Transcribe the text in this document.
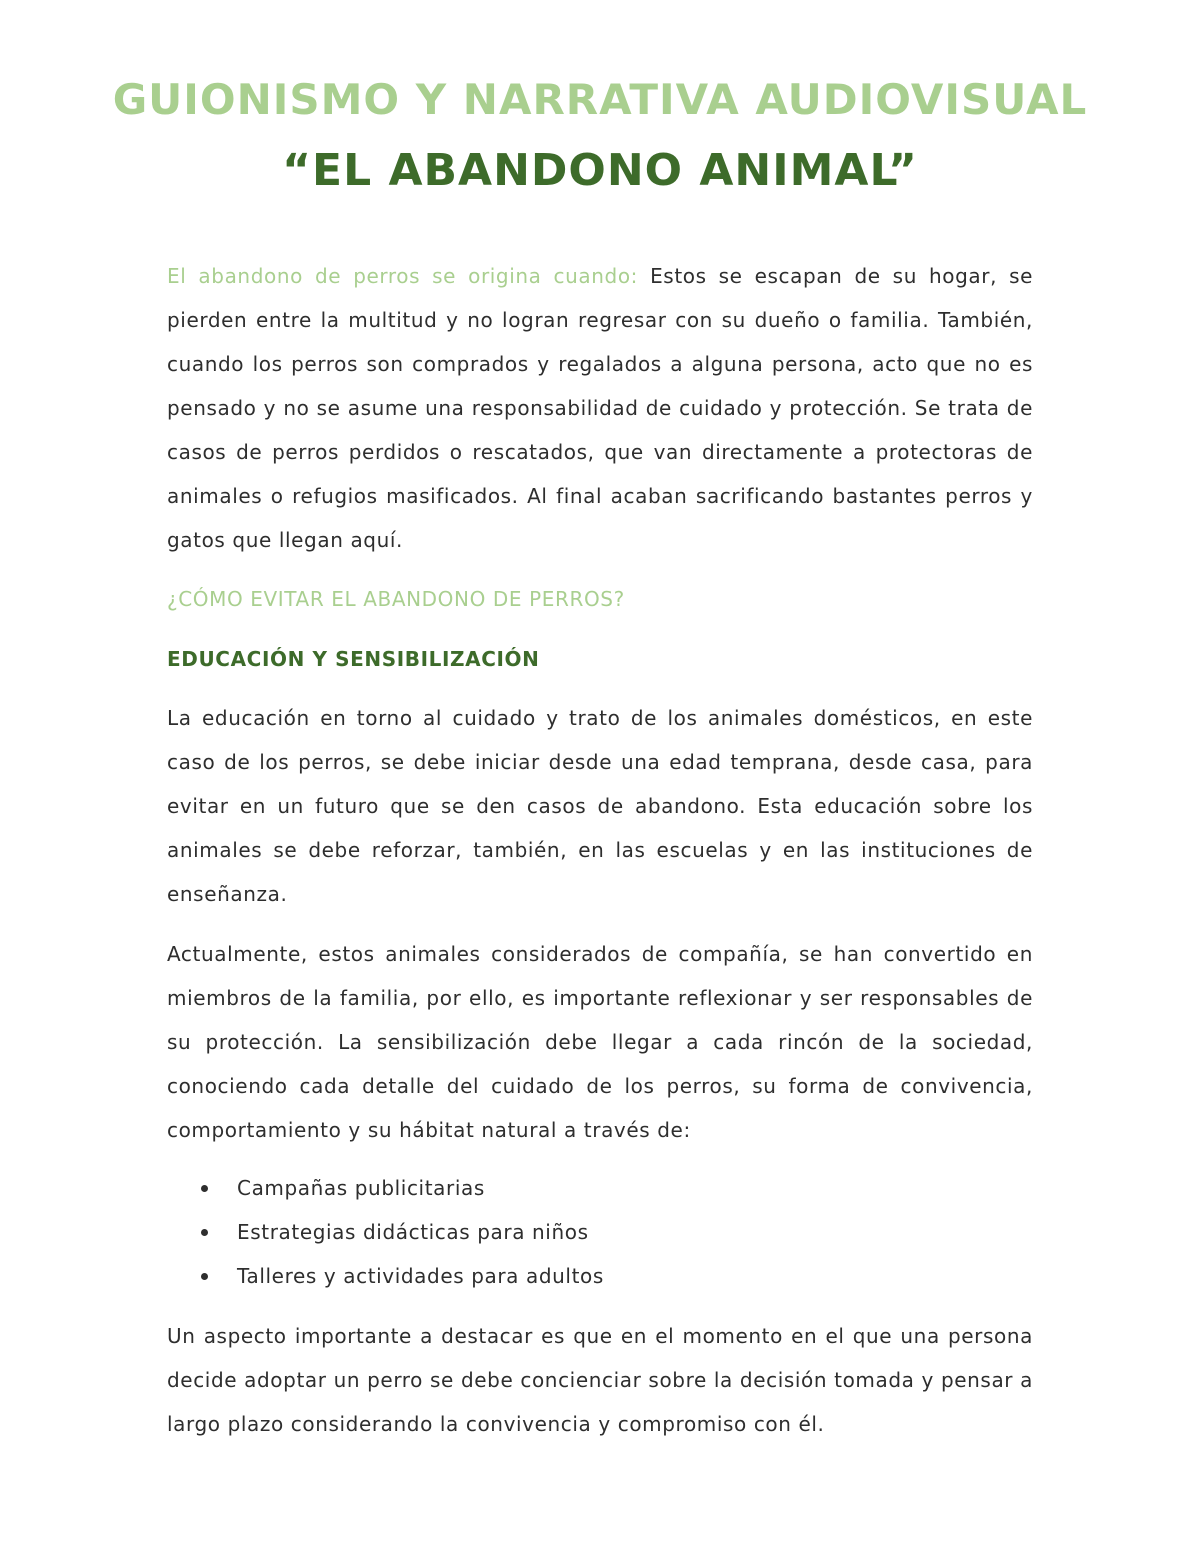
GUIONISMO Y NARRATIVA AUDIOVISUAL
“EL ABANDONO ANIMAL”

El abandono de perros se origina cuando: Estos se escapan de su hogar, se pierden entre la multitud y no logran regresar con su dueño o familia. También, cuando los perros son comprados y regalados a alguna persona, acto que no es pensado y no se asume una responsabilidad de cuidado y protección. Se trata de casos de perros perdidos o rescatados, que van directamente a protectoras de animales o refugios masificados. Al final acaban sacrificando bastantes perros y gatos que llegan aquí.

¿CÓMO EVITAR EL ABANDONO DE PERROS?

EDUCACIÓN Y SENSIBILIZACIÓN

La educación en torno al cuidado y trato de los animales domésticos, en este caso de los perros, se debe iniciar desde una edad temprana, desde casa, para evitar en un futuro que se den casos de abandono. Esta educación sobre los animales se debe reforzar, también, en las escuelas y en las instituciones de enseñanza.

Actualmente, estos animales considerados de compañía, se han convertido en miembros de la familia, por ello, es importante reflexionar y ser responsables de su protección. La sensibilización debe llegar a cada rincón de la sociedad, conociendo cada detalle del cuidado de los perros, su forma de convivencia, comportamiento y su hábitat natural a través de:

Campañas publicitarias
Estrategias didácticas para niños
Talleres y actividades para adultos

Un aspecto importante a destacar es que en el momento en el que una persona decide adoptar un perro se debe concienciar sobre la decisión tomada y pensar a largo plazo considerando la convivencia y compromiso con él.
